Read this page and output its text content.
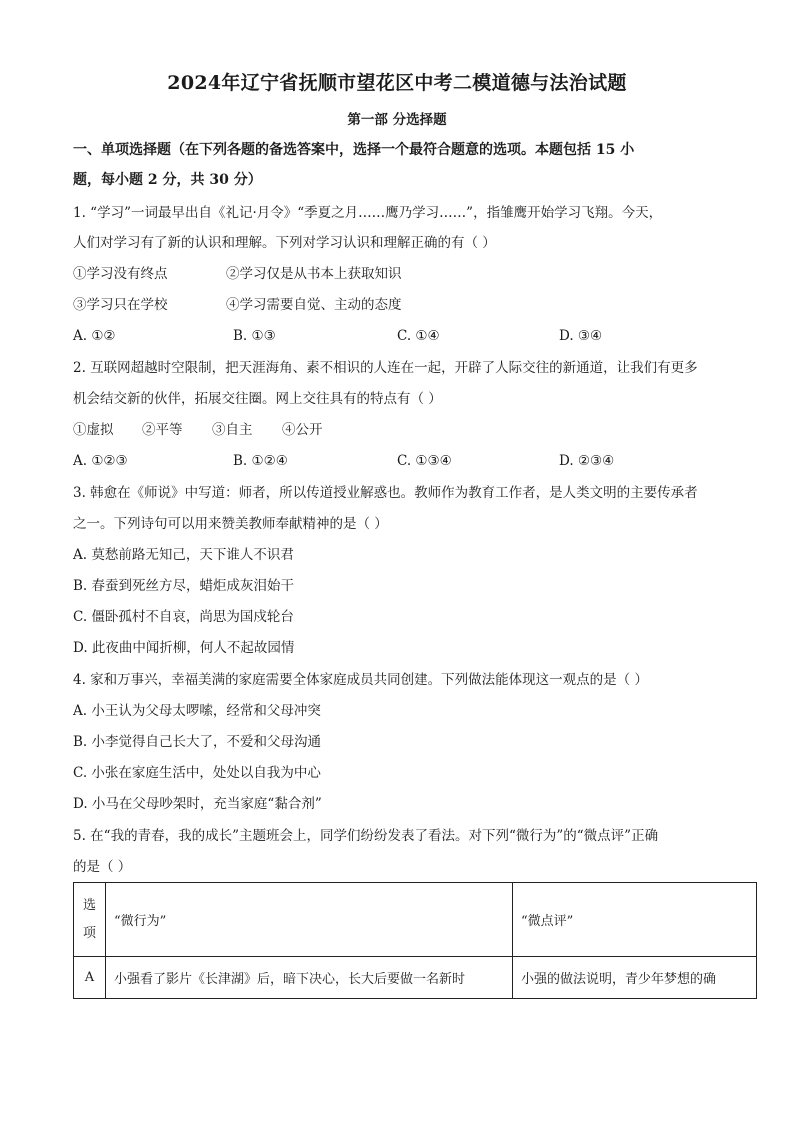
2024年辽宁省抚顺市望花区中考二模道德与法治试题
第一部 分选择题
一、单项选择题（在下列各题的备选答案中，选择一个最符合题意的选项。本题包括 15 小
题，每小题 2 分，共 30 分）
1. “学习”一词最早出自《礼记·月令》“季夏之月……鹰乃学习……”，指雏鹰开始学习飞翔。今天，
人们对学习有了新的认识和理解。下列对学习认识和理解正确的有（ ）
①学习没有终点	②学习仅是从书本上获取知识
③学习只在学校	④学习需要自觉、主动的态度
A. ①②	B. ①③	C. ①④	D. ③④
2. 互联网超越时空限制，把天涯海角、素不相识的人连在一起，开辟了人际交往的新通道，让我们有更多
机会结交新的伙伴，拓展交往圈。网上交往具有的特点有（ ）
①虚拟 ②平等 ③自主 ④公开
A. ①②③	B. ①②④	C. ①③④	D. ②③④
3. 韩愈在《师说》中写道：师者，所以传道授业解惑也。教师作为教育工作者，是人类文明的主要传承者
之一。下列诗句可以用来赞美教师奉献精神的是（ ）
A. 莫愁前路无知己，天下谁人不识君
B. 春蚕到死丝方尽，蜡炬成灰泪始干
C. 僵卧孤村不自哀，尚思为国戍轮台
D. 此夜曲中闻折柳，何人不起故园情
4. 家和万事兴，幸福美满的家庭需要全体家庭成员共同创建。下列做法能体现这一观点的是（ ）
A. 小王认为父母太啰嗦，经常和父母冲突
B. 小李觉得自己长大了，不爱和父母沟通
C. 小张在家庭生活中，处处以自我为中心
D. 小马在父母吵架时，充当家庭“黏合剂”
5. 在“我的青春，我的成长”主题班会上，同学们纷纷发表了看法。对下列“微行为”的“微点评”正确
的是（ ）
选
项	“微行为”	“微点评”
A	小强看了影片《长津湖》后，暗下决心，长大后要做一名新时	小强的做法说明，青少年梦想的确
